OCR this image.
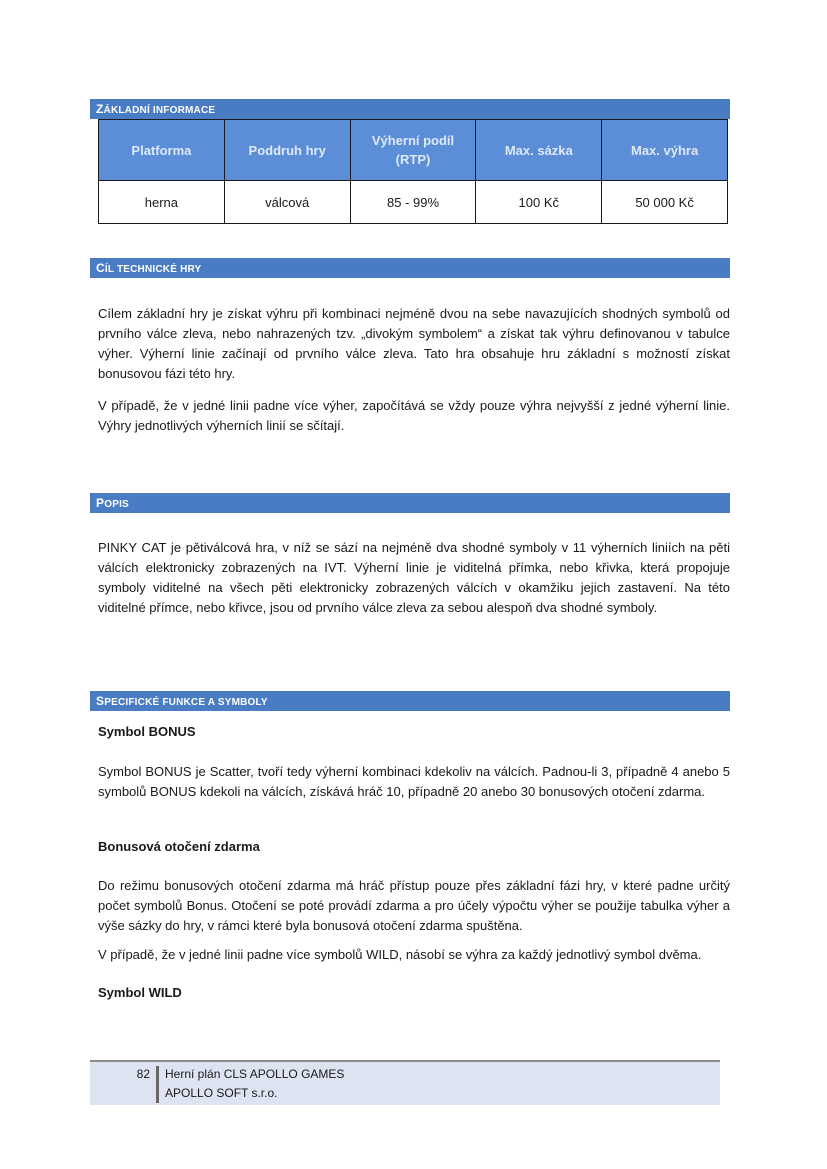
ZÁKLADNÍ INFORMACE
Platforma	Poddruh hry	Výherní podíl (RTP)	Max. sázka	Max. výhra
herna	válcová	85 - 99%	100 Kč	50 000 Kč
CÍL TECHNICKÉ HRY

Cílem základní hry je získat výhru při kombinaci nejméně dvou na sebe navazujících shodných symbolů od prvního válce zleva, nebo nahrazených tzv. „divokým symbolem“ a získat tak výhru definovanou v tabulce výher. Výherní linie začínají od prvního válce zleva. Tato hra obsahuje hru základní s možností získat bonusovou fázi této hry.

V případě, že v jedné linii padne více výher, započítává se vždy pouze výhra nejvyšší z jedné výherní linie. Výhry jednotlivých výherních linií se sčítají.

POPIS

PINKY CAT je pětiválcová hra, v níž se sází na nejméně dva shodné symboly v 11 výherních liniích na pěti válcích elektronicky zobrazených na IVT. Výherní linie je viditelná přímka, nebo křivka, která propojuje symboly viditelné na všech pěti elektronicky zobrazených válcích v okamžiku jejich zastavení. Na této viditelné přímce, nebo křivce, jsou od prvního válce zleva za sebou alespoň dva shodné symboly.

SPECIFICKÉ FUNKCE A SYMBOLY
Symbol BONUS

Symbol BONUS je Scatter, tvoří tedy výherní kombinaci kdekoliv na válcích. Padnou-li 3, případně 4 anebo 5 symbolů BONUS kdekoli na válcích, získává hráč 10, případně 20 anebo 30 bonusových otočení zdarma.

Bonusová otočení zdarma

Do režimu bonusových otočení zdarma má hráč přístup pouze přes základní fázi hry, v které padne určitý počet symbolů Bonus. Otočení se poté provádí zdarma a pro účely výpočtu výher se použije tabulka výher a výše sázky do hry, v rámci které byla bonusová otočení zdarma spuštěna.

V případě, že v jedné linii padne více symbolů WILD, násobí se výhra za každý jednotlivý symbol dvěma.

Symbol WILD
82 Herní plán CLS APOLLO GAMES
APOLLO SOFT s.r.o.
